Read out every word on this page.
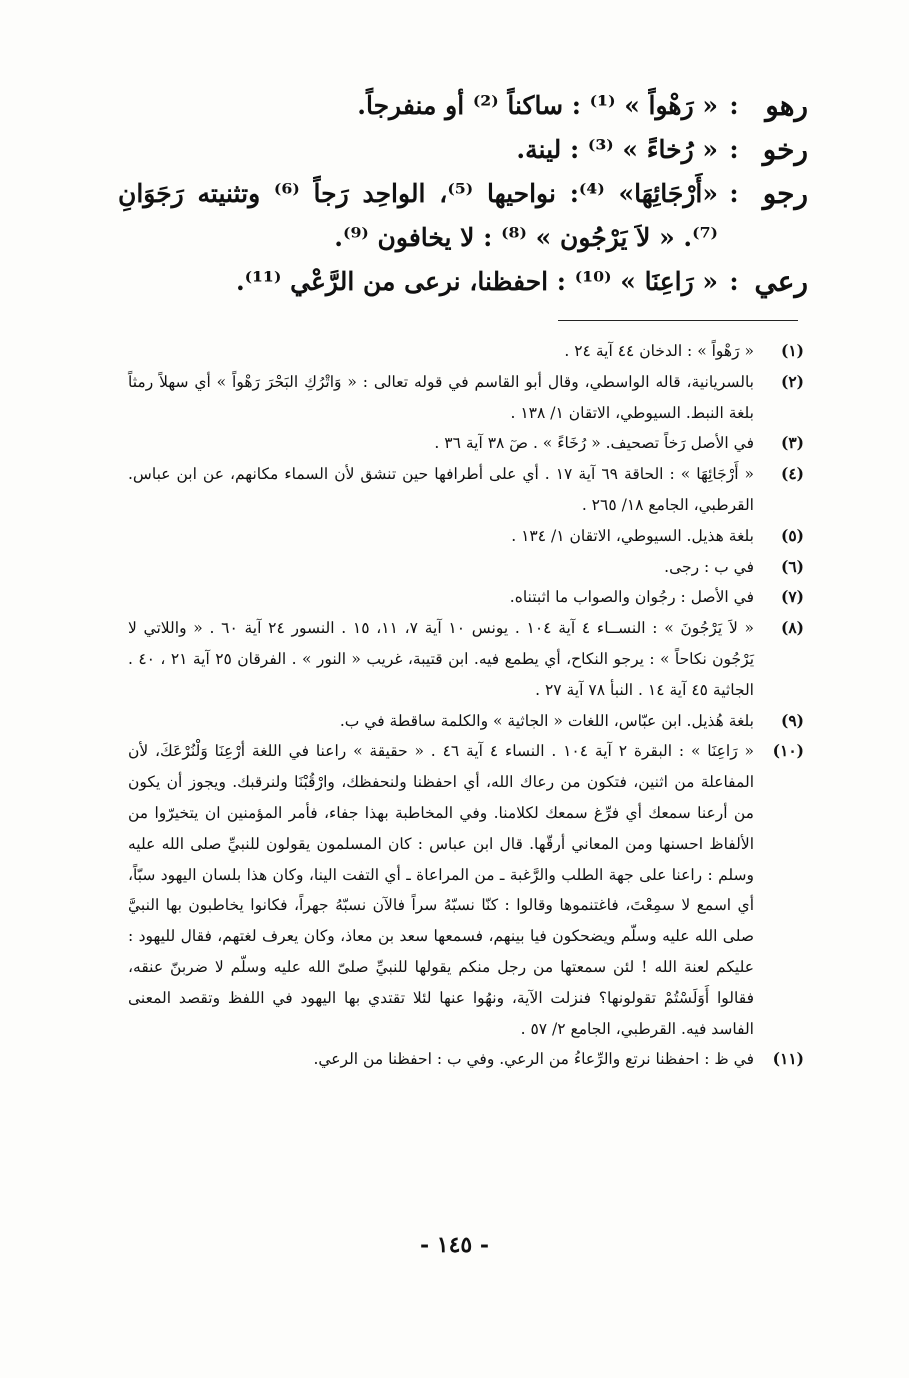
رهو
:
« رَهْواً » ⁽¹⁾ : ساكناً ⁽²⁾ أو منفرجاً.
رخو
:
« رُخاءً » ⁽³⁾ : لينة.
رجو
:
«أَرْجَائِهَا» ⁽⁴⁾: نواحيها ⁽⁵⁾، الواحِد رَجاً ⁽⁶⁾ وتثنيته رَجَوَانِ ⁽⁷⁾. « لاَ يَرْجُون » ⁽⁸⁾ : لا يخافون ⁽⁹⁾.
رعي
:
« رَاعِنَا » ⁽¹⁰⁾ : احفظنا، نرعى من الرَّعْي ⁽¹¹⁾.
(١)
« رَهْواً » : الدخان ٤٤ آية ٢٤ .
(٢)
بالسريانية، قاله الواسطي، وقال أبو القاسم في قوله تعالى : « وَاتْرُكِ البَحْرَ رَهْواً » أي سهلاً رمثاً بلغة النبط. السيوطي، الاتقان ١/ ١٣٨ .
(٣)
في الأصل رَخاً تصحيف. « رُخَاءً » . صٓ ٣٨ آية ٣٦ .
(٤)
« أَرْجَائِهَا » : الحاقة ٦٩ آية ١٧ . أي على أطرافها حين تنشق لأن السماء مكانهم، عن ابن عباس. القرطبي، الجامع ١٨/ ٢٦٥ .
(٥)
بلغة هذيل. السيوطي، الاتقان ١/ ١٣٤ .
(٦)
في ب : رجى.
(٧)
في الأصل : رجُوان والصواب ما اثبتناه.
(٨)
« لاَ يَرْجُونَ » : النســاء ٤ آية ١٠٤ . يونس ١٠ آية ٧، ١١، ١٥ . النسور ٢٤ آية ٦٠ . « واللاتي لا يَرْجُون نكاحاً » : يرجو النكاح، أي يطمع فيه. ابن قتيبة، غريب « النور » . الفرقان ٢٥ آية ٢١ ، ٤٠ . الجاثية ٤٥ آية ١٤ . النبأ ٧٨ آية ٢٧ .
(٩)
بلغة هُذيل. ابن عبّاس، اللغات « الجاثية » والكلمة ساقطة في ب.
(١٠)
« رَاعِنَا » : البقرة ٢ آية ١٠٤ . النساء ٤ آية ٤٦ . « حقيقة » راعنا في اللغة أرْعِنَا وَلْنُرْعَكَ، لأن المفاعلة من اثنين، فتكون من رعاك الله، أي احفظنا ولنحفظك، وارْقُبْنَا ولنرقبك. ويجوز أن يكون من أرعنا سمعك أي فرِّغ سمعك لكلامنا. وفي المخاطبة بهذا جفاء، فأمر المؤمنين ان يتخيرّوا من الألفاظ احسنها ومن المعاني أرقّها. قال ابن عباس : كان المسلمون يقولون للنبيِّ صلى الله عليه وسلم : راعنا على جهة الطلب والرَّغبة ـ من المراعاة ـ أي التفت الينا، وكان هذا بلسان اليهود سبّاً، أي اسمع لا سمِعْتَ، فاغتنموها وقالوا : كنّا نسبّهُ سراً فالآن نسبّهُ جهراً، فكانوا يخاطبون بها النبيَّ صلى الله عليه وسلّم ويضحكون فيا بينهم، فسمعها سعد بن معاذ، وكان يعرف لغتهم، فقال لليهود : عليكم لعنة الله ! لئن سمعتها من رجل منكم يقولها للنبيِّ صلىّ الله عليه وسلّم لا ضربنّ عنقه، فقالوا أَوَلَسْتُمْ تقولونها؟ فنزلت الآية، ونهُوا عنها لئلا تقتدي بها اليهود في اللفظ وتقصد المعنى الفاسد فيه. القرطبي، الجامع ٢/ ٥٧ .
(١١)
في ظ : احفظنا نرتع والرِّعاءُ من الرعي. وفي ب : احفظنا من الرعي.
- ١٤٥ -
